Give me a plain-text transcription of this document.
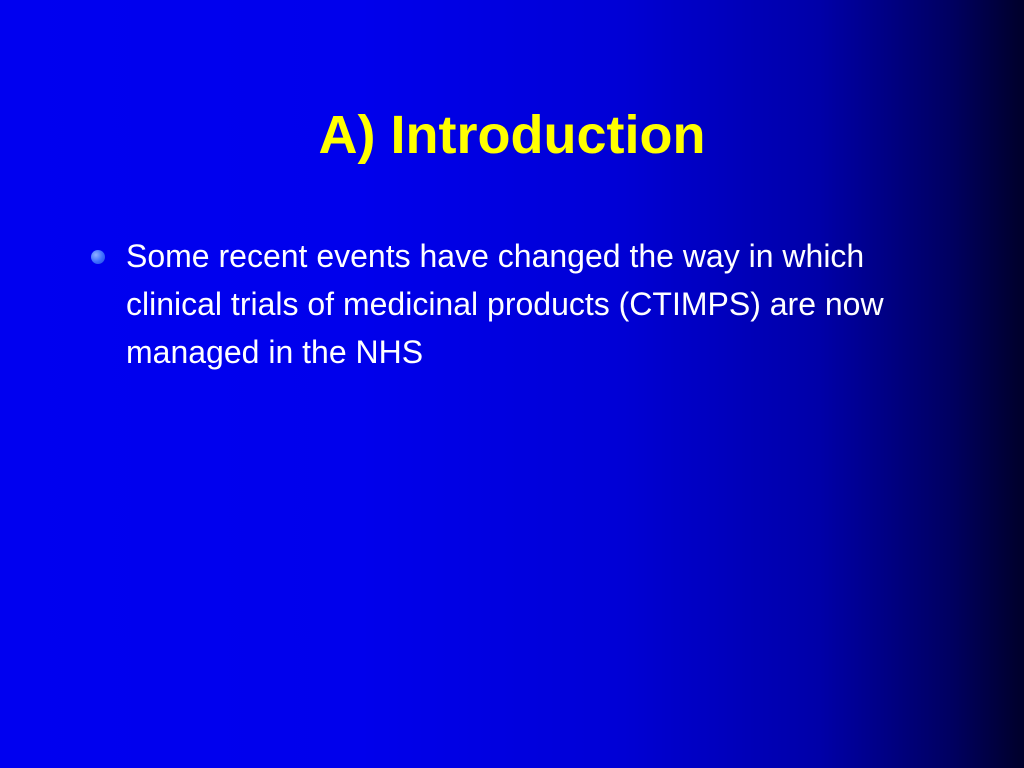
A) Introduction
Some recent events have changed the way in which clinical trials of medicinal products (CTIMPS) are now managed in the NHS
